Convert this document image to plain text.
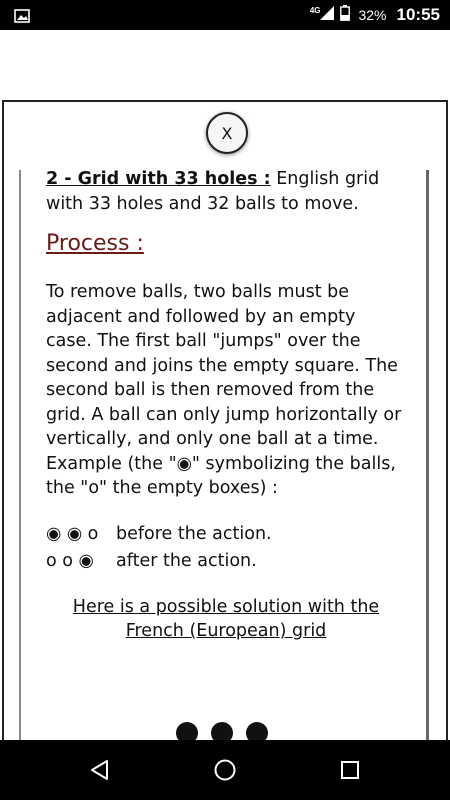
4G	32% 10:55
X

2 - Grid with 33 holes : English grid with 33 holes and 32 balls to move.

Process :

To remove balls, two balls must be adjacent and followed by an empty case. The first ball "jumps" over the second and joins the empty square. The second ball is then removed from the grid. A ball can only jump horizontally or vertically, and only one ball at a time. Example (the "◉" symbolizing the balls, the "o" the empty boxes) :

◉ ◉ o	before the action.
o o ◉	after the action.

Here is a possible solution with the French (European) grid
